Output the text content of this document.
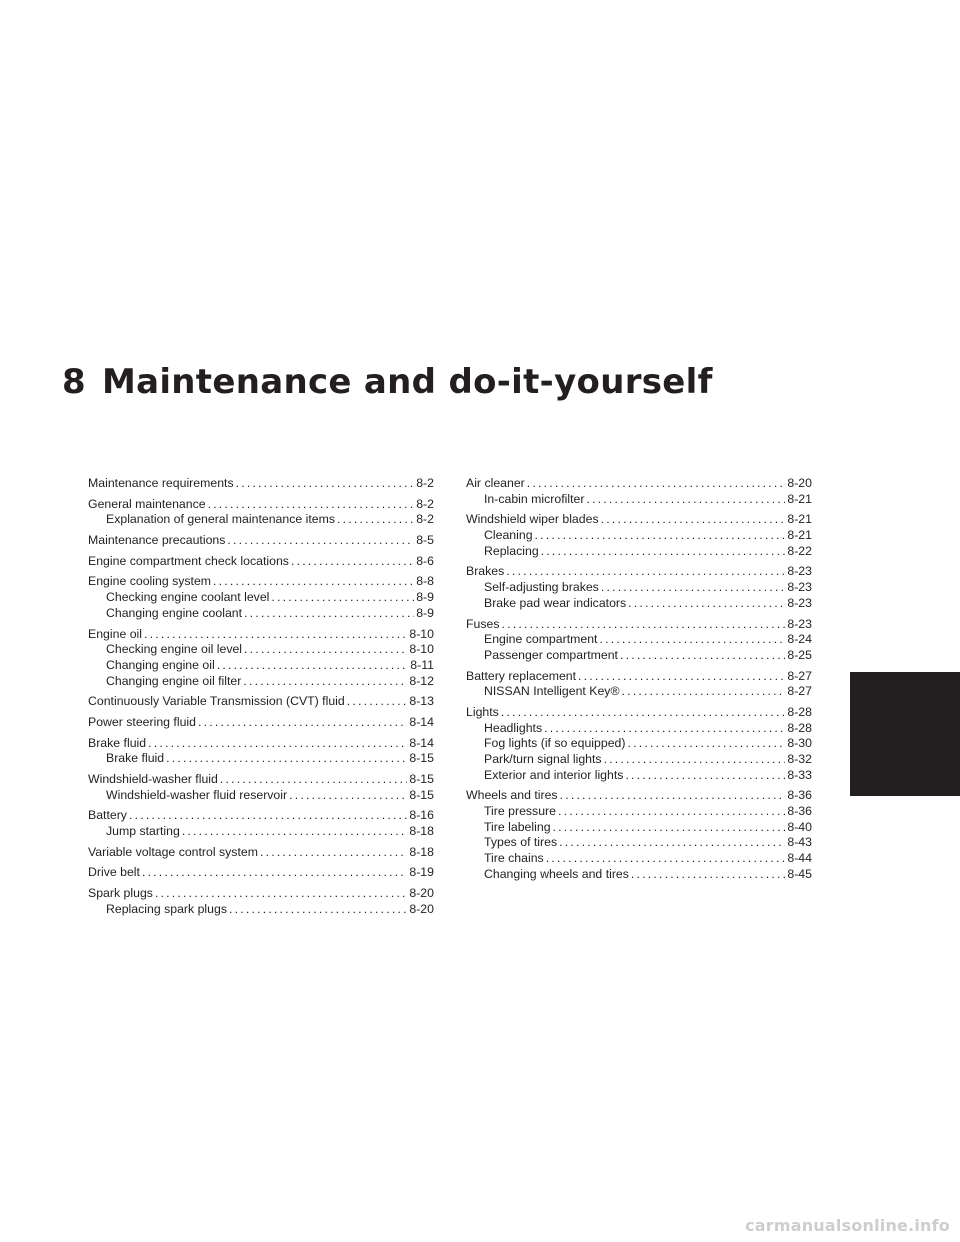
8 Maintenance and do-it-yourself
Maintenance requirements .....	8-2
General maintenance .....	8-2
Explanation of general maintenance items .....	8-2
Maintenance precautions .....	8-5
Engine compartment check locations .....	8-6
Engine cooling system .....	8-8
Checking engine coolant level .....	8-9
Changing engine coolant .....	8-9
Engine oil .....	8-10
Checking engine oil level .....	8-10
Changing engine oil .....	8-11
Changing engine oil filter .....	8-12
Continuously Variable Transmission (CVT) fluid .....	8-13
Power steering fluid .....	8-14
Brake fluid .....	8-14
Brake fluid .....	8-15
Windshield-washer fluid .....	8-15
Windshield-washer fluid reservoir .....	8-15
Battery .....	8-16
Jump starting .....	8-18
Variable voltage control system .....	8-18
Drive belt .....	8-19
Spark plugs .....	8-20
Replacing spark plugs .....	8-20
Air cleaner .....	8-20
In-cabin microfilter .....	8-21
Windshield wiper blades .....	8-21
Cleaning .....	8-21
Replacing .....	8-22
Brakes .....	8-23
Self-adjusting brakes .....	8-23
Brake pad wear indicators .....	8-23
Fuses .....	8-23
Engine compartment .....	8-24
Passenger compartment .....	8-25
Battery replacement .....	8-27
NISSAN Intelligent Key® .....	8-27
Lights .....	8-28
Headlights .....	8-28
Fog lights (if so equipped) .....	8-30
Park/turn signal lights .....	8-32
Exterior and interior lights .....	8-33
Wheels and tires .....	8-36
Tire pressure .....	8-36
Tire labeling .....	8-40
Types of tires .....	8-43
Tire chains .....	8-44
Changing wheels and tires .....	8-45
carmanualsonline.info
